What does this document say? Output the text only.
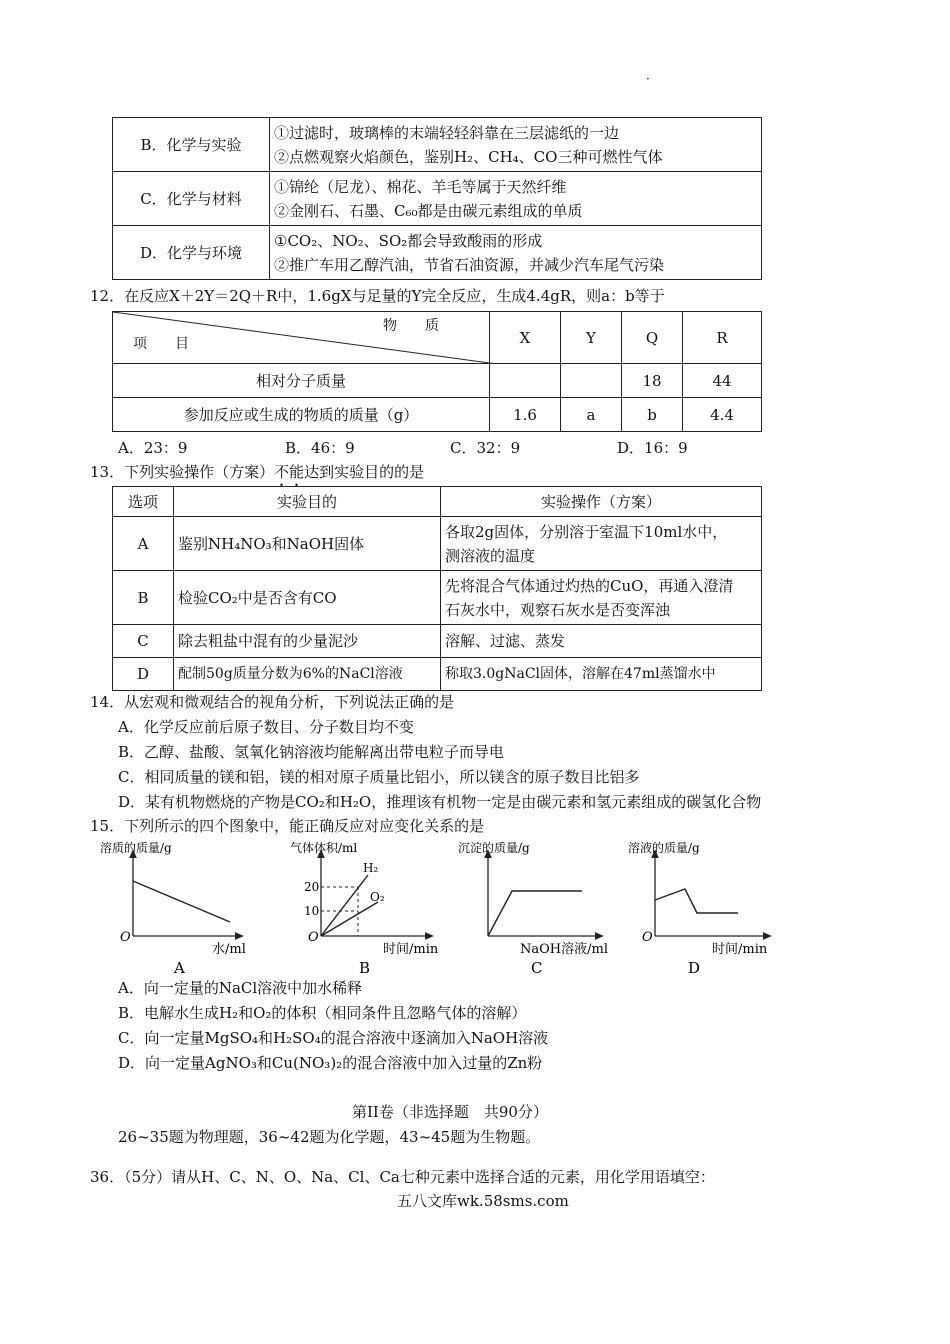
·
B．化学与实验	①过滤时，玻璃棒的末端轻轻斜靠在三层滤纸的一边
②点燃观察火焰颜色，鉴别H₂、CH₄、CO三种可燃性气体

C．化学与材料	①锦纶（尼龙）、棉花、羊毛等属于天然纤维
②金刚石、石墨、C₆₀都是由碳元素组成的单质

D．化学与环境	①CO₂、NO₂、SO₂都会导致酸雨的形成
②推广车用乙醇汽油，节省石油资源，并减少汽车尾气污染
12．在反应X＋2Y＝2Q＋R中，1.6gX与足量的Y完全反应，生成4.4gR，则a：b等于
物　　质
项　　目	X	Y	Q	R
相对分子质量			18	44
参加反应或生成的物质的质量（g）	1.6	a	b	4.4
A．23：9	B．46：9	C．32：9	D．16：9
13．下列实验操作（方案）不能达到实验目的的是
选项	实验目的	实验操作（方案）
A	鉴别NH₄NO₃和NaOH固体	各取2g固体，分别溶于室温下10ml水中，
测溶液的温度

B	检验CO₂中是否含有CO	先将混合气体通过灼热的CuO，再通入澄清
石灰水中，观察石灰水是否变浑浊

C	除去粗盐中混有的少量泥沙	溶解、过滤、蒸发
D	配制50g质量分数为6%的NaCl溶液	称取3.0gNaCl固体，溶解在47ml蒸馏水中
14．从宏观和微观结合的视角分析，下列说法正确的是
A．化学反应前后原子数目、分子数目均不变
B．乙醇、盐酸、氢氧化钠溶液均能解离出带电粒子而导电
C．相同质量的镁和铝，镁的相对原子质量比铝小，所以镁含的原子数目比铝多
D．某有机物燃烧的产物是CO₂和H₂O，推理该有机物一定是由碳元素和氢元素组成的碳氢化合物
15．下列所示的四个图象中，能正确反应对应变化关系的是
溶质的质量/g
O
水/ml
A
气体体积/ml
20
10
H₂
O₂
O
时间/min
B
沉淀的质量/g
NaOH溶液/ml
C
溶液的质量/g
O
时间/min
D
A．向一定量的NaCl溶液中加水稀释
B．电解水生成H₂和O₂的体积（相同条件且忽略气体的溶解）
C．向一定量MgSO₄和H₂SO₄的混合溶液中逐滴加入NaOH溶液
D．向一定量AgNO₃和Cu(NO₃)₂的混合溶液中加入过量的Zn粉
第II卷（非选择题　共90分）
26~35题为物理题，36~42题为化学题，43~45题为生物题。
36．（5分）请从H、C、N、O、Na、Cl、Ca七种元素中选择合适的元素，用化学用语填空：
五八文库wk.58sms.com
